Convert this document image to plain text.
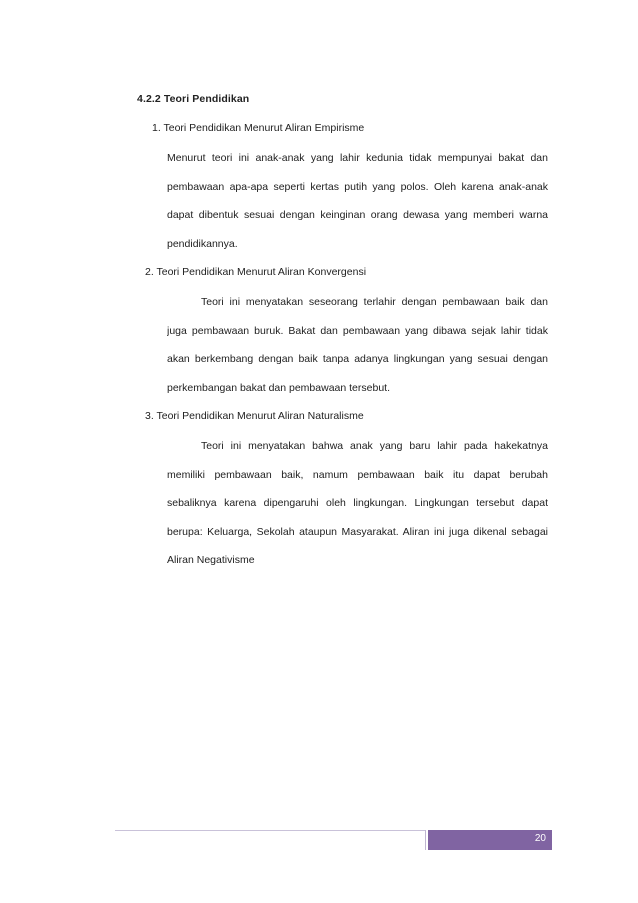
4.2.2 Teori Pendidikan
1. Teori Pendidikan Menurut Aliran Empirisme
Menurut teori ini anak-anak yang lahir kedunia tidak mempunyai bakat dan
pembawaan apa-apa seperti kertas putih yang polos. Oleh karena anak-anak
dapat dibentuk sesuai dengan keinginan orang dewasa yang memberi warna
pendidikannya.
2. Teori Pendidikan Menurut Aliran Konvergensi
Teori ini menyatakan seseorang terlahir dengan pembawaan baik dan
juga pembawaan buruk. Bakat dan pembawaan yang dibawa sejak lahir tidak
akan berkembang dengan baik tanpa adanya lingkungan yang sesuai dengan
perkembangan bakat dan pembawaan tersebut.
3. Teori Pendidikan Menurut Aliran Naturalisme
Teori ini menyatakan bahwa anak yang baru lahir pada hakekatnya
memiliki pembawaan baik, namum pembawaan baik itu dapat berubah
sebaliknya karena dipengaruhi oleh lingkungan. Lingkungan tersebut dapat
berupa: Keluarga, Sekolah ataupun Masyarakat. Aliran ini juga dikenal sebagai
Aliran Negativisme
20
